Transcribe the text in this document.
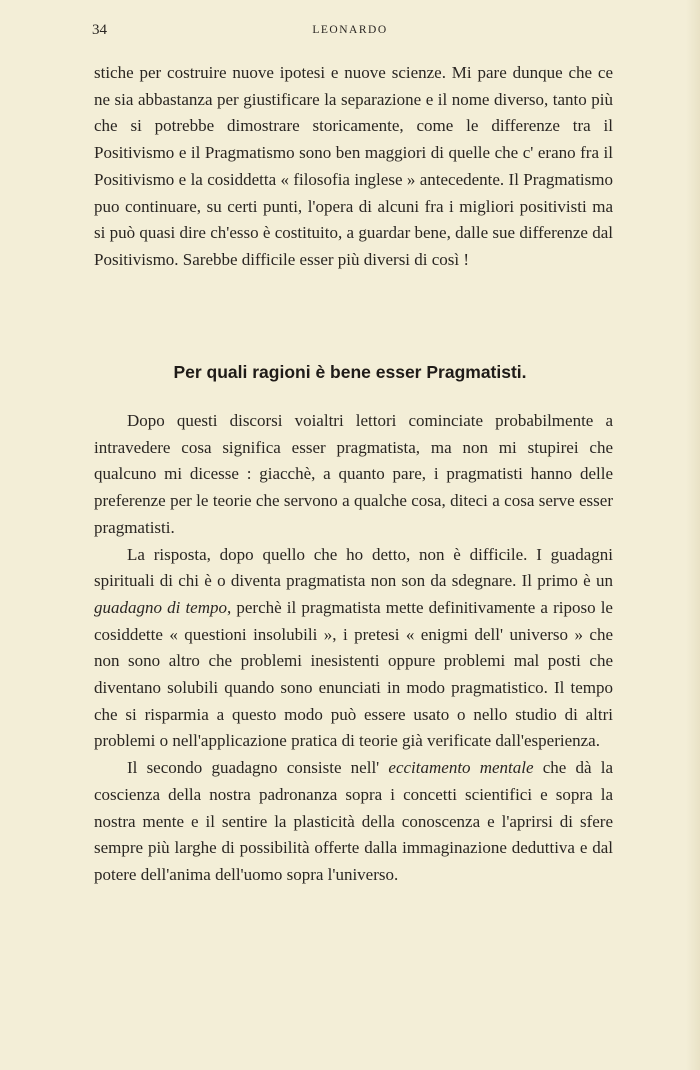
34	LEONARDO

stiche per costruire nuove ipotesi e nuove scienze. Mi pare dunque che ce ne sia abbastanza per giustificare la separazione e il nome diverso, tanto più che si potrebbe dimostrare storicamente, come le differenze tra il Positivismo e il Pragmatismo sono ben maggiori di quelle che c' erano fra il Positivismo e la cosiddetta « filosofia inglese » antecedente. Il Pragmatismo puo continuare, su certi punti, l'opera di alcuni fra i migliori positivisti ma si può quasi dire ch'esso è costituito, a guardar bene, dalle sue differenze dal Positivismo. Sarebbe difficile esser più diversi di così !

Per quali ragioni è bene esser Pragmatisti.

Dopo questi discorsi voialtri lettori cominciate probabilmente a intravedere cosa significa esser pragmatista, ma non mi stupirei che qualcuno mi dicesse : giacchè, a quanto pare, i pragmatisti hanno delle preferenze per le teorie che servono a qualche cosa, diteci a cosa serve esser pragmatisti.

La risposta, dopo quello che ho detto, non è difficile. I guadagni spirituali di chi è o diventa pragmatista non son da sdegnare. Il primo è un guadagno di tempo, perchè il pragmatista mette definitivamente a riposo le cosiddette « questioni insolubili », i pretesi « enigmi dell' universo » che non sono altro che problemi inesistenti oppure problemi mal posti che diventano solubili quando sono enunciati in modo pragmatistico. Il tempo che si risparmia a questo modo può essere usato o nello studio di altri problemi o nell'applicazione pratica di teorie già verificate dall'esperienza.

Il secondo guadagno consiste nell' eccitamento mentale che dà la coscienza della nostra padronanza sopra i concetti scientifici e sopra la nostra mente e il sentire la plasticità della conoscenza e l'aprirsi di sfere sempre più larghe di possibilità offerte dalla immaginazione deduttiva e dal potere dell'anima dell'uomo sopra l'universo.
